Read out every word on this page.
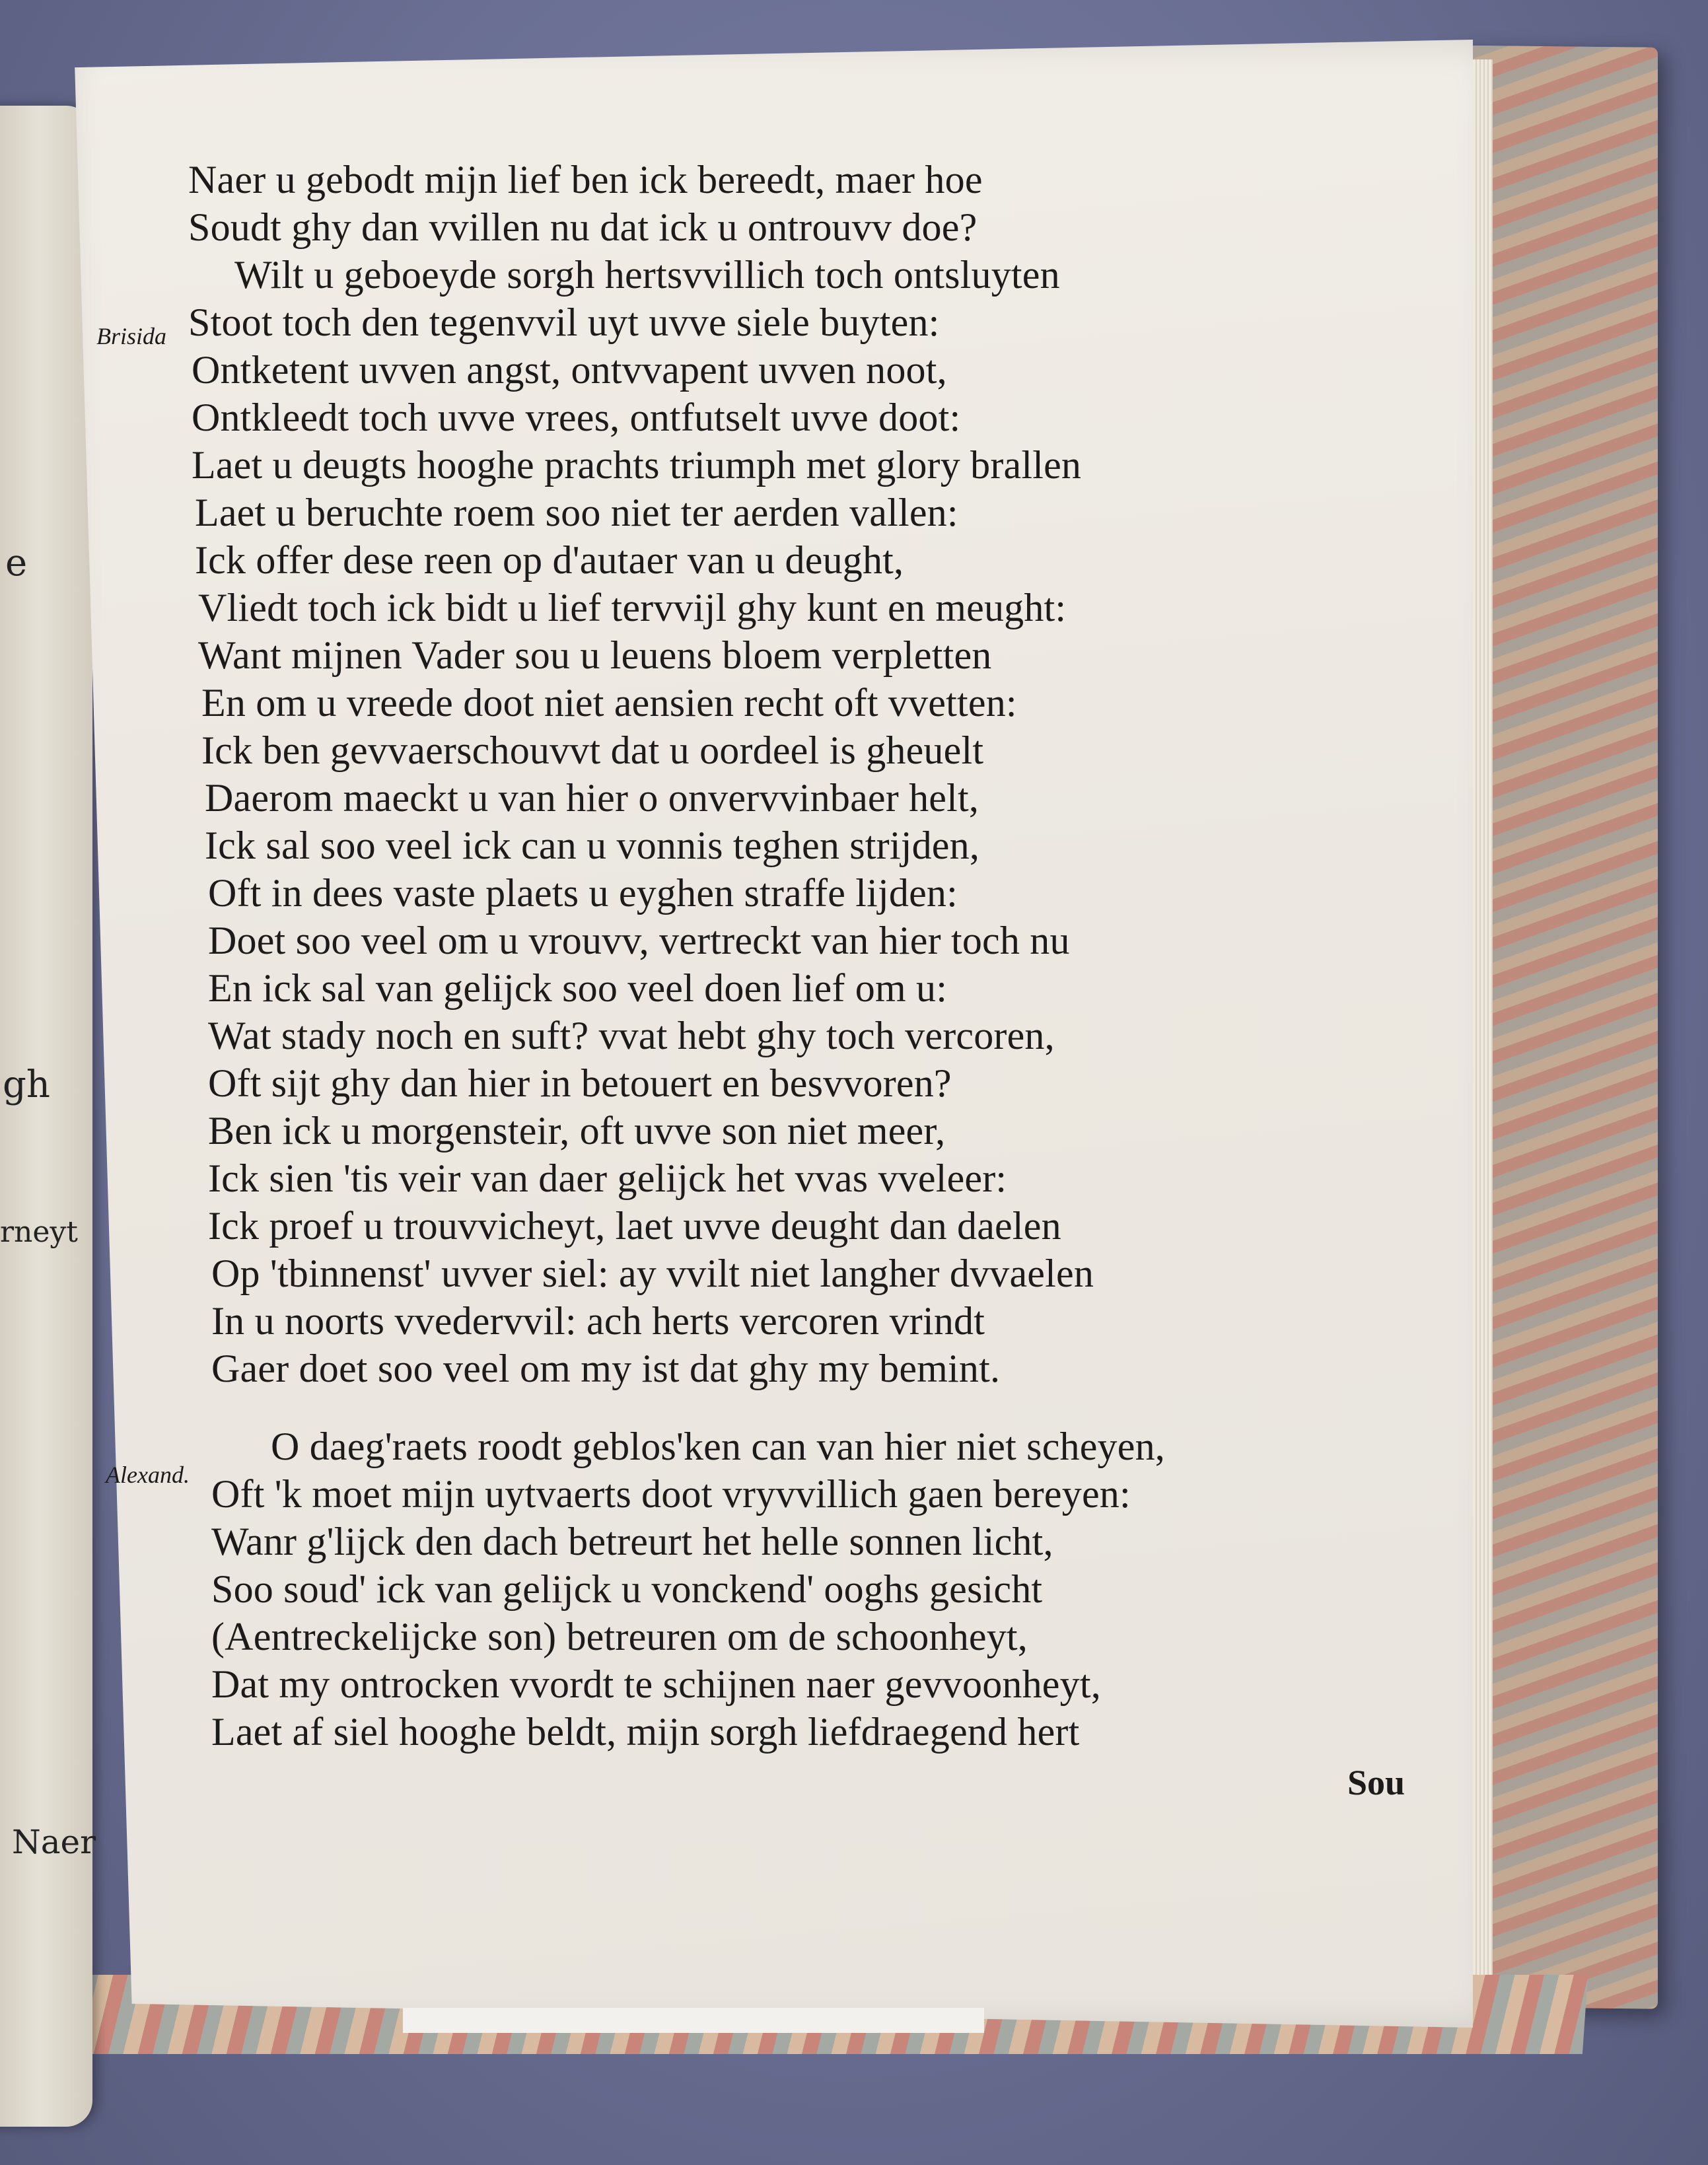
e
gh
rneyt
Naer
Brisida
Alexand.
Naer u gebodt mijn lief ben ick bereedt, maer hoe
Soudt ghy dan vvillen nu dat ick u ontrouvv doe?
Wilt u geboeyde sorgh hertsvvillich toch ontsluyten
Stoot toch den tegenvvil uyt uvve siele buyten:
Ontketent uvven angst, ontvvapent uvven noot,
Ontkleedt toch uvve vrees, ontfutselt uvve doot:
Laet u deugts hooghe prachts triumph met glory brallen
Laet u beruchte roem soo niet ter aerden vallen:
Ick offer dese reen op d'autaer van u deught,
Vliedt toch ick bidt u lief tervvijl ghy kunt en meught:
Want mijnen Vader sou u leuens bloem verpletten
En om u vreede doot niet aensien recht oft vvetten:
Ick ben gevvaerschouvvt dat u oordeel is gheuelt
Daerom maeckt u van hier o onvervvinbaer helt,
Ick sal soo veel ick can u vonnis teghen strijden,
Oft in dees vaste plaets u eyghen straffe lijden:
Doet soo veel om u vrouvv, vertreckt van hier toch nu
En ick sal van gelijck soo veel doen lief om u:
Wat stady noch en suft? vvat hebt ghy toch vercoren,
Oft sijt ghy dan hier in betouert en besvvoren?
Ben ick u morgensteir, oft uvve son niet meer,
Ick sien 'tis veir van daer gelijck het vvas vveleer:
Ick proef u trouvvicheyt, laet uvve deught dan daelen
Op 'tbinnenst' uvver siel: ay vvilt niet langher dvvaelen
In u noorts vvedervvil: ach herts vercoren vrindt
Gaer doet soo veel om my ist dat ghy my bemint.
O daeg'raets roodt geblos'ken can van hier niet scheyen,
Oft 'k moet mijn uytvaerts doot vryvvillich gaen bereyen:
Wanr g'lijck den dach betreurt het helle sonnen licht,
Soo soud' ick van gelijck u vonckend' ooghs gesicht
(Aentreckelijcke son) betreuren om de schoonheyt,
Dat my ontrocken vvordt te schijnen naer gevvoonheyt,
Laet af siel hooghe beldt, mijn sorgh liefdraegend hert
Sou
